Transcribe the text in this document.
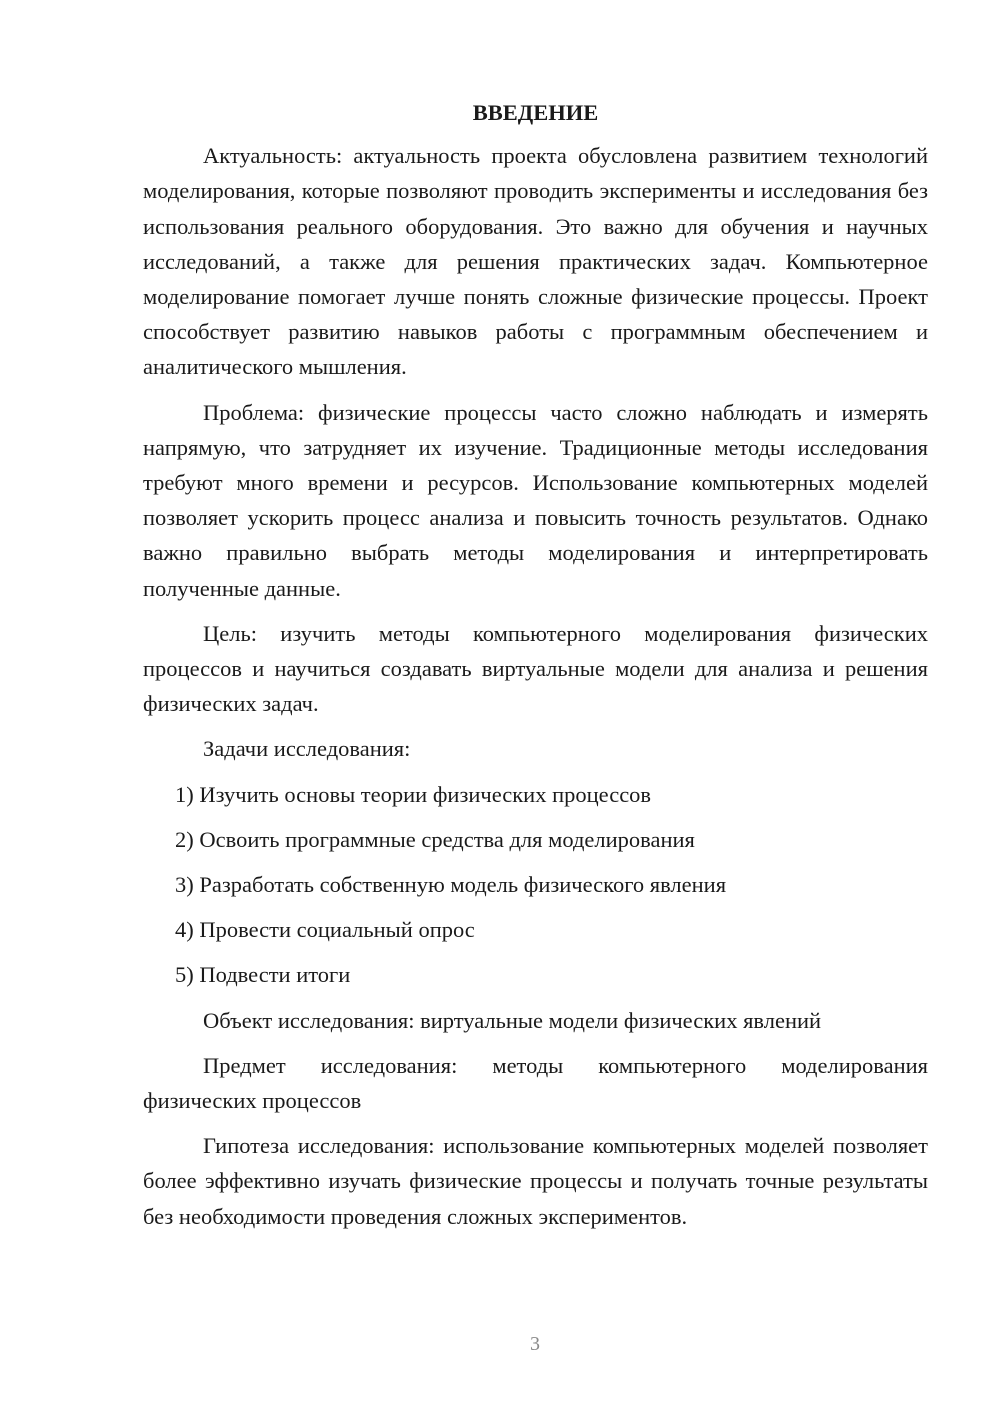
ВВЕДЕНИЕ

Актуальность: актуальность проекта обусловлена развитием технологий моделирования, которые позволяют проводить эксперименты и исследования без использования реального оборудования. Это важно для обучения и научных исследований, а также для решения практических задач. Компьютерное моделирование помогает лучше понять сложные физические процессы. Проект способствует развитию навыков работы с программным обеспечением и аналитического мышления.

Проблема: физические процессы часто сложно наблюдать и измерять напрямую, что затрудняет их изучение. Традиционные методы исследования требуют много времени и ресурсов. Использование компьютерных моделей позволяет ускорить процесс анализа и повысить точность результатов. Однако важно правильно выбрать методы моделирования и интерпретировать полученные данные.

Цель: изучить методы компьютерного моделирования физических процессов и научиться создавать виртуальные модели для анализа и решения физических задач.

Задачи исследования:

1) Изучить основы теории физических процессов
2) Освоить программные средства для моделирования
3) Разработать собственную модель физического явления
4) Провести социальный опрос
5) Подвести итоги

Объект исследования: виртуальные модели физических явлений

Предмет исследования: методы компьютерного моделирования физических процессов

Гипотеза исследования: использование компьютерных моделей позволяет более эффективно изучать физические процессы и получать точные результаты без необходимости проведения сложных экспериментов.

3
